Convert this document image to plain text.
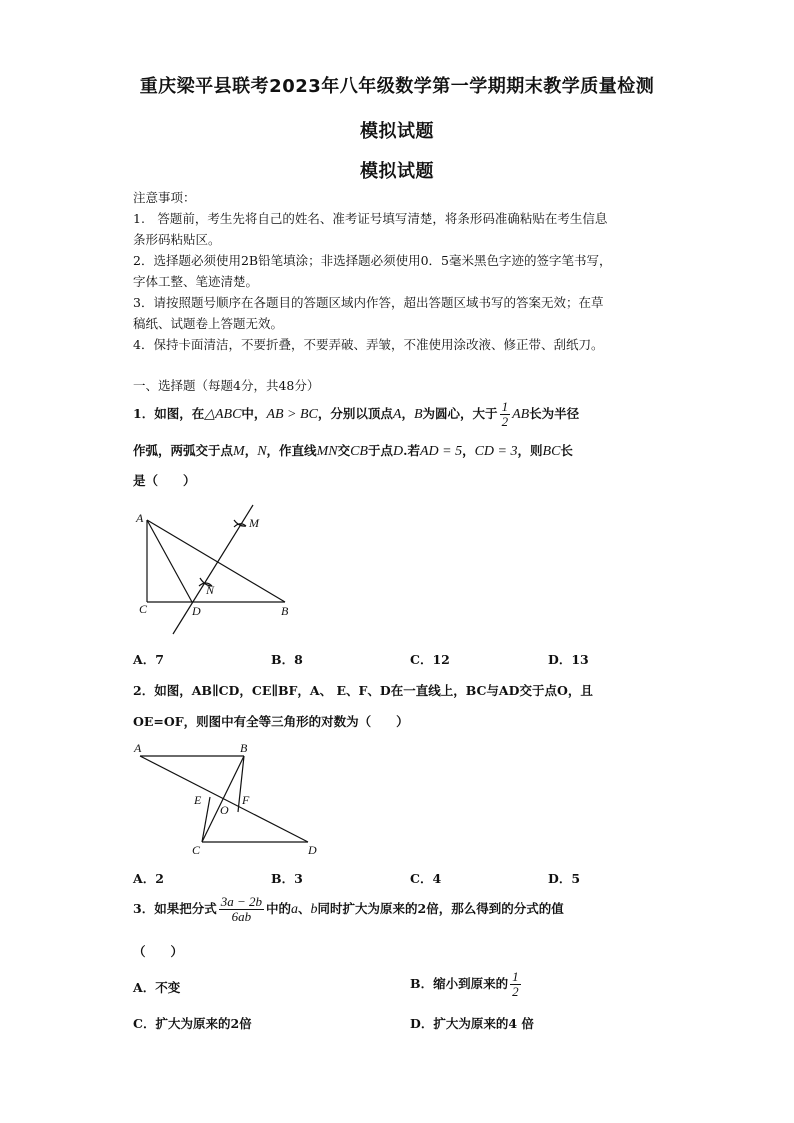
重庆梁平县联考2023年八年级数学第一学期期末教学质量检测
模拟试题
模拟试题
注意事项：
1.　答题前，考生先将自己的姓名、准考证号填写清楚，将条形码准确粘贴在考生信息
条形码粘贴区。
2．选择题必须使用2B铅笔填涂；非选择题必须使用0．5毫米黑色字迹的签字笔书写，
字体工整、笔迹清楚。
3．请按照题号顺序在各题目的答题区域内作答，超出答题区域书写的答案无效；在草
稿纸、试题卷上答题无效。
4．保持卡面清洁，不要折叠，不要弄破、弄皱，不准使用涂改液、修正带、刮纸刀。
一、选择题（每题4分，共48分）
1．如图，在△ABC中，AB > BC，分别以顶点A，B为圆心，大于 $\frac{1}{2}$ AB长为半径
作弧，两弧交于点M，N，作直线MN交CB于点D.若AD = 5，CD = 3，则BC长
是（　　）
A	M
N
C	D	B
A．7	B．8	C．12	D．13
2．如图，AB∥CD，CE∥BF，A、 E、F、D在一直线上，BC与AD交于点O，且
OE=OF，则图中有全等三角形的对数为（　　）
A	B
E	F
O
C	D
A．2	B．3	C．4	D．5
3．如果把分式 $\frac{3a - 2b}{6ab}$ 中的a、b同时扩大为原来的2倍，那么得到的分式的值
（　　）
A．不变	B．缩小到原来的 $\frac{1}{2}$
C．扩大为原来的2倍	D．扩大为原来的4 倍
